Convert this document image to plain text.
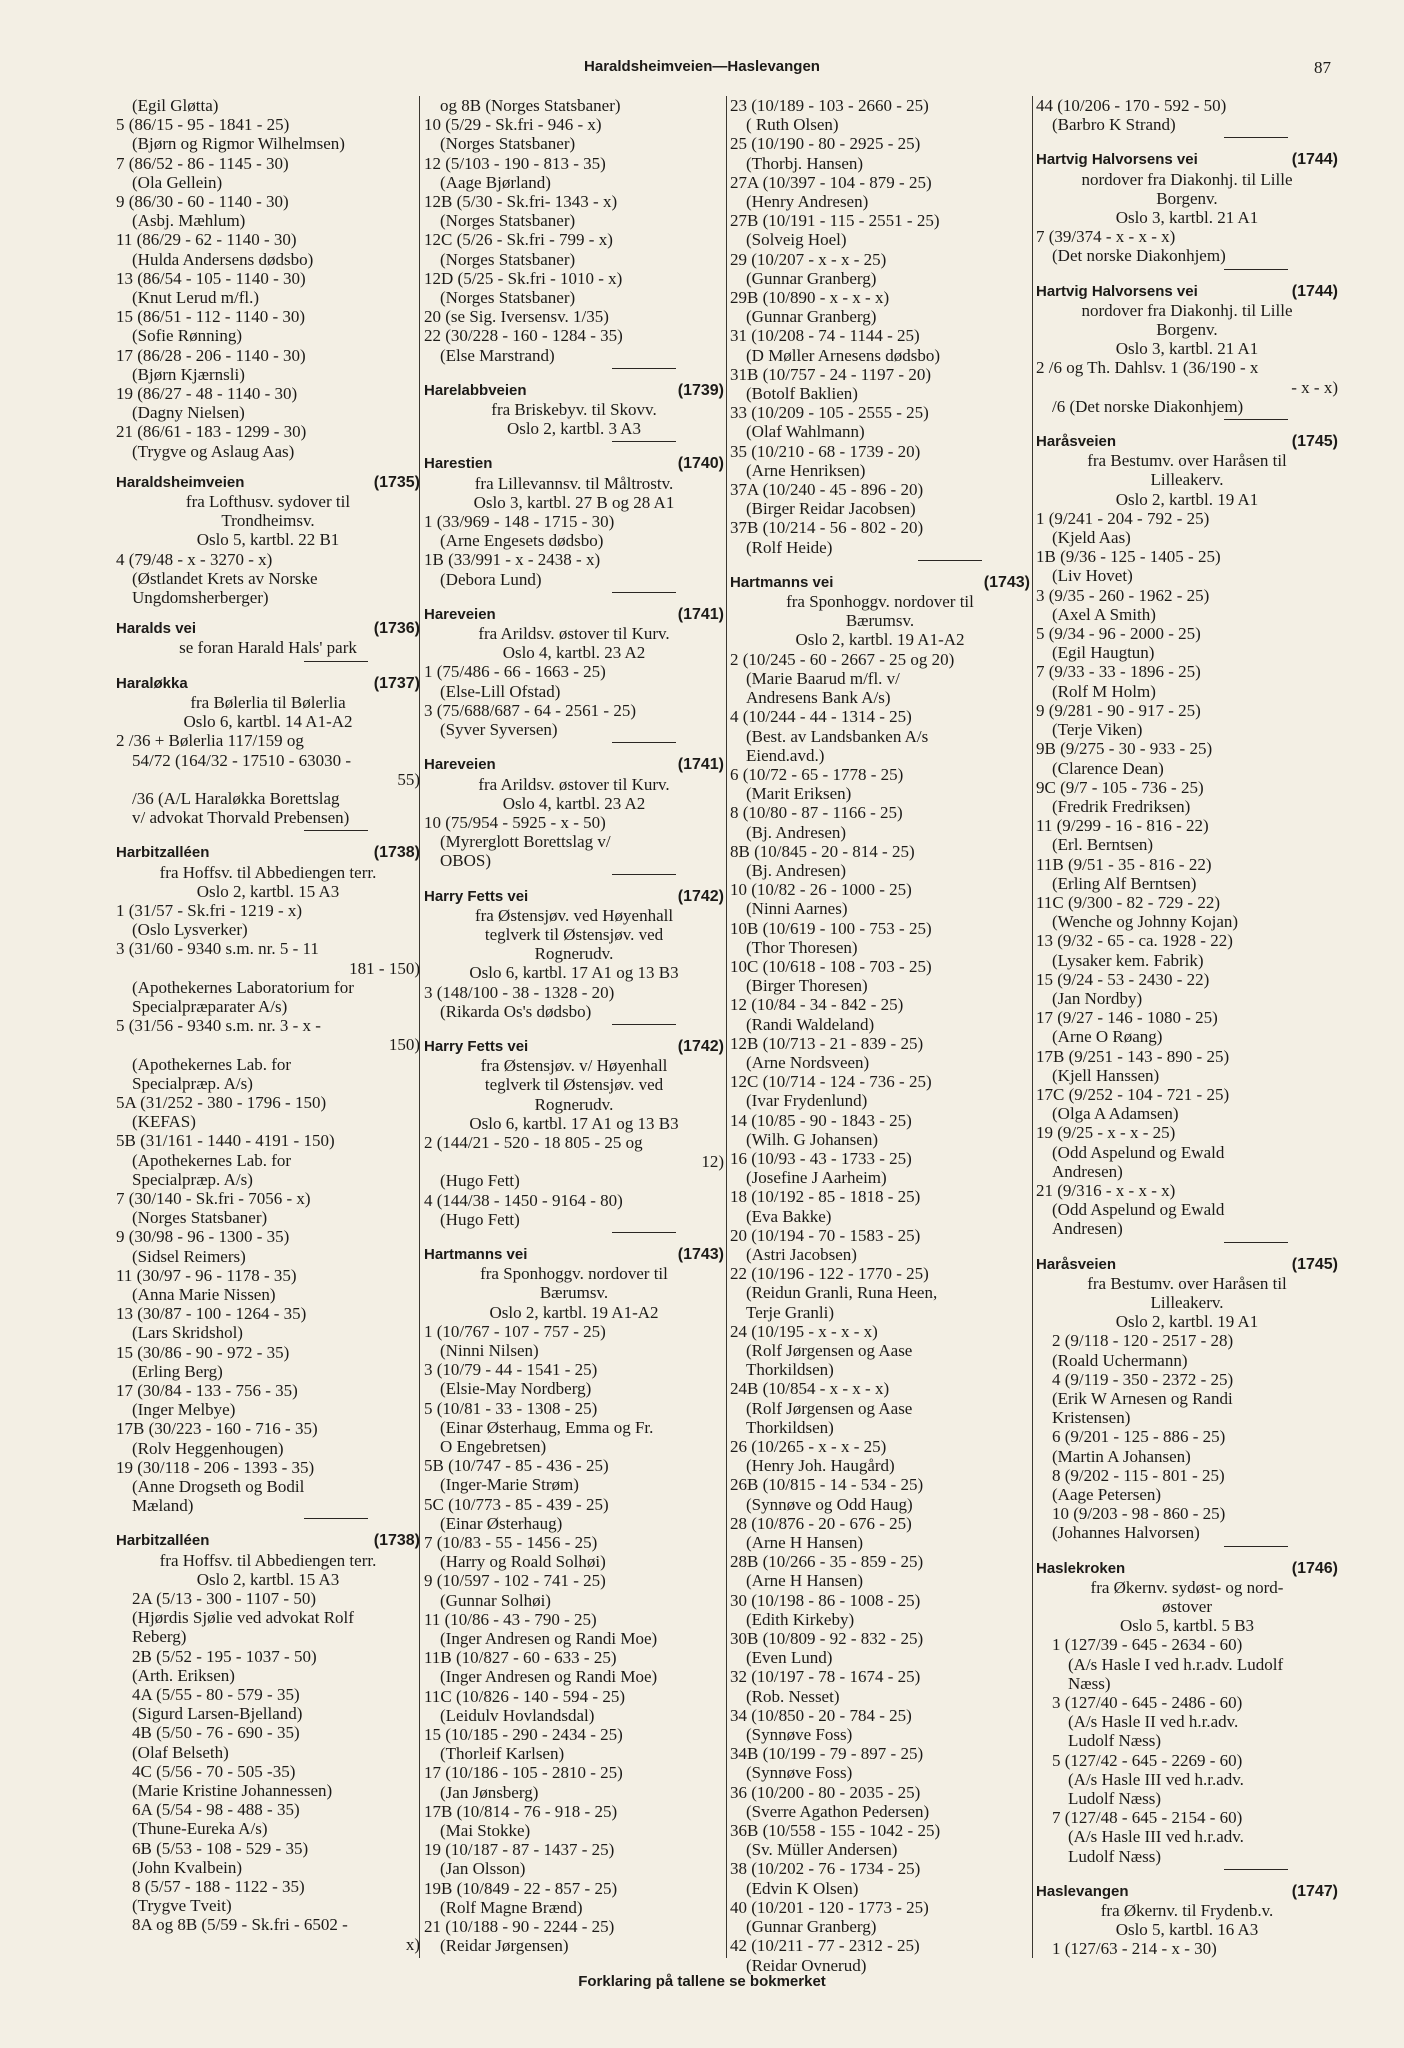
Haraldsheimveien—Haslevangen	87
(Egil Gløtta)
5 (86/15 - 95 - 1841 - 25)
(Bjørn og Rigmor Wilhelmsen)
7 (86/52 - 86 - 1145 - 30)
(Ola Gellein)
9 (86/30 - 60 - 1140 - 30)
(Asbj. Mæhlum)
11 (86/29 - 62 - 1140 - 30)
(Hulda Andersens dødsbo)
13 (86/54 - 105 - 1140 - 30)
(Knut Lerud m/fl.)
15 (86/51 - 112 - 1140 - 30)
(Sofie Rønning)
17 (86/28 - 206 - 1140 - 30)
(Bjørn Kjærnsli)
19 (86/27 - 48 - 1140 - 30)
(Dagny Nielsen)
21 (86/61 - 183 - 1299 - 30)
(Trygve og Aslaug Aas)
Haraldsheimveien	(1735)
fra Lofthusv. sydover til
Trondheimsv.
Oslo 5, kartbl. 22 B1
4 (79/48 - x - 3270 - x)
(Østlandet Krets av Norske
Ungdomsherberger)
Haralds vei	(1736)
se foran Harald Hals' park
Haraløkka	(1737)
fra Bølerlia til Bølerlia
Oslo 6, kartbl. 14 A1-A2
2 /36 + Bølerlia 117/159 og
54/72 (164/32 - 17510 - 63030 -
55)
/36 (A/L Haraløkka Borettslag
v/ advokat Thorvald Prebensen)
Harbitzalléen	(1738)
fra Hoffsv. til Abbediengen terr.
Oslo 2, kartbl. 15 A3
1 (31/57 - Sk.fri - 1219 - x)
(Oslo Lysverker)
3 (31/60 - 9340 s.m. nr. 5 - 11
181 - 150)
(Apothekernes Laboratorium for
Specialpræparater A/s)
5 (31/56 - 9340 s.m. nr. 3 - x -
150)
(Apothekernes Lab. for
Specialpræp. A/s)
5A (31/252 - 380 - 1796 - 150)
(KEFAS)
5B (31/161 - 1440 - 4191 - 150)
(Apothekernes Lab. for
Specialpræp. A/s)
7 (30/140 - Sk.fri - 7056 - x)
(Norges Statsbaner)
9 (30/98 - 96 - 1300 - 35)
(Sidsel Reimers)
11 (30/97 - 96 - 1178 - 35)
(Anna Marie Nissen)
13 (30/87 - 100 - 1264 - 35)
(Lars Skridshol)
15 (30/86 - 90 - 972 - 35)
(Erling Berg)
17 (30/84 - 133 - 756 - 35)
(Inger Melbye)
17B (30/223 - 160 - 716 - 35)
(Rolv Heggenhougen)
19 (30/118 - 206 - 1393 - 35)
(Anne Drogseth og Bodil
Mæland)
Harbitzalléen	(1738)
fra Hoffsv. til Abbediengen terr.
Oslo 2, kartbl. 15 A3
2A (5/13 - 300 - 1107 - 50)
(Hjørdis Sjølie ved advokat Rolf
Reberg)
2B (5/52 - 195 - 1037 - 50)
(Arth. Eriksen)
4A (5/55 - 80 - 579 - 35)
(Sigurd Larsen-Bjelland)
4B (5/50 - 76 - 690 - 35)
(Olaf Belseth)
4C (5/56 - 70 - 505 -35)
(Marie Kristine Johannessen)
6A (5/54 - 98 - 488 - 35)
(Thune-Eureka A/s)
6B (5/53 - 108 - 529 - 35)
(John Kvalbein)
8 (5/57 - 188 - 1122 - 35)
(Trygve Tveit)
8A og 8B (5/59 - Sk.fri - 6502 -
x)
og 8B (Norges Statsbaner)
10 (5/29 - Sk.fri - 946 - x)
(Norges Statsbaner)
12 (5/103 - 190 - 813 - 35)
(Aage Bjørland)
12B (5/30 - Sk.fri- 1343 - x)
(Norges Statsbaner)
12C (5/26 - Sk.fri - 799 - x)
(Norges Statsbaner)
12D (5/25 - Sk.fri - 1010 - x)
(Norges Statsbaner)
20 (se Sig. Iversensv. 1/35)
22 (30/228 - 160 - 1284 - 35)
(Else Marstrand)
Harelabbveien	(1739)
fra Briskebyv. til Skovv.
Oslo 2, kartbl. 3 A3
Harestien	(1740)
fra Lillevannsv. til Måltrostv.
Oslo 3, kartbl. 27 B og 28 A1
1 (33/969 - 148 - 1715 - 30)
(Arne Engesets dødsbo)
1B (33/991 - x - 2438 - x)
(Debora Lund)
Hareveien	(1741)
fra Arildsv. østover til Kurv.
Oslo 4, kartbl. 23 A2
1 (75/486 - 66 - 1663 - 25)
(Else-Lill Ofstad)
3 (75/688/687 - 64 - 2561 - 25)
(Syver Syversen)
Hareveien	(1741)
fra Arildsv. østover til Kurv.
Oslo 4, kartbl. 23 A2
10 (75/954 - 5925 - x - 50)
(Myrerglott Borettslag v/
OBOS)
Harry Fetts vei	(1742)
fra Østensjøv. ved Høyenhall
teglverk til Østensjøv. ved
Rognerudv.
Oslo 6, kartbl. 17 A1 og 13 B3
3 (148/100 - 38 - 1328 - 20)
(Rikarda Os's dødsbo)
Harry Fetts vei	(1742)
fra Østensjøv. v/ Høyenhall
teglverk til Østensjøv. ved
Rognerudv.
Oslo 6, kartbl. 17 A1 og 13 B3
2 (144/21 - 520 - 18 805 - 25 og
12)
(Hugo Fett)
4 (144/38 - 1450 - 9164 - 80)
(Hugo Fett)
Hartmanns vei	(1743)
fra Sponhoggv. nordover til
Bærumsv.
Oslo 2, kartbl. 19 A1-A2
1 (10/767 - 107 - 757 - 25)
(Ninni Nilsen)
3 (10/79 - 44 - 1541 - 25)
(Elsie-May Nordberg)
5 (10/81 - 33 - 1308 - 25)
(Einar Østerhaug, Emma og Fr.
O Engebretsen)
5B (10/747 - 85 - 436 - 25)
(Inger-Marie Strøm)
5C (10/773 - 85 - 439 - 25)
(Einar Østerhaug)
7 (10/83 - 55 - 1456 - 25)
(Harry og Roald Solhøi)
9 (10/597 - 102 - 741 - 25)
(Gunnar Solhøi)
11 (10/86 - 43 - 790 - 25)
(Inger Andresen og Randi Moe)
11B (10/827 - 60 - 633 - 25)
(Inger Andresen og Randi Moe)
11C (10/826 - 140 - 594 - 25)
(Leidulv Hovlandsdal)
15 (10/185 - 290 - 2434 - 25)
(Thorleif Karlsen)
17 (10/186 - 105 - 2810 - 25)
(Jan Jønsberg)
17B (10/814 - 76 - 918 - 25)
(Mai Stokke)
19 (10/187 - 87 - 1437 - 25)
(Jan Olsson)
19B (10/849 - 22 - 857 - 25)
(Rolf Magne Brænd)
21 (10/188 - 90 - 2244 - 25)
(Reidar Jørgensen)
23 (10/189 - 103 - 2660 - 25)
( Ruth Olsen)
25 (10/190 - 80 - 2925 - 25)
(Thorbj. Hansen)
27A (10/397 - 104 - 879 - 25)
(Henry Andresen)
27B (10/191 - 115 - 2551 - 25)
(Solveig Hoel)
29 (10/207 - x - x - 25)
(Gunnar Granberg)
29B (10/890 - x - x - x)
(Gunnar Granberg)
31 (10/208 - 74 - 1144 - 25)
(D Møller Arnesens dødsbo)
31B (10/757 - 24 - 1197 - 20)
(Botolf Baklien)
33 (10/209 - 105 - 2555 - 25)
(Olaf Wahlmann)
35 (10/210 - 68 - 1739 - 20)
(Arne Henriksen)
37A (10/240 - 45 - 896 - 20)
(Birger Reidar Jacobsen)
37B (10/214 - 56 - 802 - 20)
(Rolf Heide)
Hartmanns vei	(1743)
fra Sponhoggv. nordover til
Bærumsv.
Oslo 2, kartbl. 19 A1-A2
2 (10/245 - 60 - 2667 - 25 og 20)
(Marie Baarud m/fl. v/
Andresens Bank A/s)
4 (10/244 - 44 - 1314 - 25)
(Best. av Landsbanken A/s
Eiend.avd.)
6 (10/72 - 65 - 1778 - 25)
(Marit Eriksen)
8 (10/80 - 87 - 1166 - 25)
(Bj. Andresen)
8B (10/845 - 20 - 814 - 25)
(Bj. Andresen)
10 (10/82 - 26 - 1000 - 25)
(Ninni Aarnes)
10B (10/619 - 100 - 753 - 25)
(Thor Thoresen)
10C (10/618 - 108 - 703 - 25)
(Birger Thoresen)
12 (10/84 - 34 - 842 - 25)
(Randi Waldeland)
12B (10/713 - 21 - 839 - 25)
(Arne Nordsveen)
12C (10/714 - 124 - 736 - 25)
(Ivar Frydenlund)
14 (10/85 - 90 - 1843 - 25)
(Wilh. G Johansen)
16 (10/93 - 43 - 1733 - 25)
(Josefine J Aarheim)
18 (10/192 - 85 - 1818 - 25)
(Eva Bakke)
20 (10/194 - 70 - 1583 - 25)
(Astri Jacobsen)
22 (10/196 - 122 - 1770 - 25)
(Reidun Granli, Runa Heen,
Terje Granli)
24 (10/195 - x - x - x)
(Rolf Jørgensen og Aase
Thorkildsen)
24B (10/854 - x - x - x)
(Rolf Jørgensen og Aase
Thorkildsen)
26 (10/265 - x - x - 25)
(Henry Joh. Haugård)
26B (10/815 - 14 - 534 - 25)
(Synnøve og Odd Haug)
28 (10/876 - 20 - 676 - 25)
(Arne H Hansen)
28B (10/266 - 35 - 859 - 25)
(Arne H Hansen)
30 (10/198 - 86 - 1008 - 25)
(Edith Kirkeby)
30B (10/809 - 92 - 832 - 25)
(Even Lund)
32 (10/197 - 78 - 1674 - 25)
(Rob. Nesset)
34 (10/850 - 20 - 784 - 25)
(Synnøve Foss)
34B (10/199 - 79 - 897 - 25)
(Synnøve Foss)
36 (10/200 - 80 - 2035 - 25)
(Sverre Agathon Pedersen)
36B (10/558 - 155 - 1042 - 25)
(Sv. Müller Andersen)
38 (10/202 - 76 - 1734 - 25)
(Edvin K Olsen)
40 (10/201 - 120 - 1773 - 25)
(Gunnar Granberg)
42 (10/211 - 77 - 2312 - 25)
(Reidar Ovnerud)
44 (10/206 - 170 - 592 - 50)
(Barbro K Strand)
Hartvig Halvorsens vei	(1744)
nordover fra Diakonhj. til Lille
Borgenv.
Oslo 3, kartbl. 21 A1
7 (39/374 - x - x - x)
(Det norske Diakonhjem)
Hartvig Halvorsens vei	(1744)
nordover fra Diakonhj. til Lille
Borgenv.
Oslo 3, kartbl. 21 A1
2 /6 og Th. Dahlsv. 1 (36/190 - x
- x - x)
/6 (Det norske Diakonhjem)
Haråsveien	(1745)
fra Bestumv. over Haråsen til
Lilleakerv.
Oslo 2, kartbl. 19 A1
1 (9/241 - 204 - 792 - 25)
(Kjeld Aas)
1B (9/36 - 125 - 1405 - 25)
(Liv Hovet)
3 (9/35 - 260 - 1962 - 25)
(Axel A Smith)
5 (9/34 - 96 - 2000 - 25)
(Egil Haugtun)
7 (9/33 - 33 - 1896 - 25)
(Rolf M Holm)
9 (9/281 - 90 - 917 - 25)
(Terje Viken)
9B (9/275 - 30 - 933 - 25)
(Clarence Dean)
9C (9/7 - 105 - 736 - 25)
(Fredrik Fredriksen)
11 (9/299 - 16 - 816 - 22)
(Erl. Berntsen)
11B (9/51 - 35 - 816 - 22)
(Erling Alf Berntsen)
11C (9/300 - 82 - 729 - 22)
(Wenche og Johnny Kojan)
13 (9/32 - 65 - ca. 1928 - 22)
(Lysaker kem. Fabrik)
15 (9/24 - 53 - 2430 - 22)
(Jan Nordby)
17 (9/27 - 146 - 1080 - 25)
(Arne O Røang)
17B (9/251 - 143 - 890 - 25)
(Kjell Hanssen)
17C (9/252 - 104 - 721 - 25)
(Olga A Adamsen)
19 (9/25 - x - x - 25)
(Odd Aspelund og Ewald
Andresen)
21 (9/316 - x - x - x)
(Odd Aspelund og Ewald
Andresen)
Haråsveien	(1745)
fra Bestumv. over Haråsen til
Lilleakerv.
Oslo 2, kartbl. 19 A1
2 (9/118 - 120 - 2517 - 28)
(Roald Uchermann)
4 (9/119 - 350 - 2372 - 25)
(Erik W Arnesen og Randi
Kristensen)
6 (9/201 - 125 - 886 - 25)
(Martin A Johansen)
8 (9/202 - 115 - 801 - 25)
(Aage Petersen)
10 (9/203 - 98 - 860 - 25)
(Johannes Halvorsen)
Haslekroken	(1746)
fra Økernv. sydøst- og nord-
østover
Oslo 5, kartbl. 5 B3
1 (127/39 - 645 - 2634 - 60)
(A/s Hasle I ved h.r.adv. Ludolf
Næss)
3 (127/40 - 645 - 2486 - 60)
(A/s Hasle II ved h.r.adv.
Ludolf Næss)
5 (127/42 - 645 - 2269 - 60)
(A/s Hasle III ved h.r.adv.
Ludolf Næss)
7 (127/48 - 645 - 2154 - 60)
(A/s Hasle III ved h.r.adv.
Ludolf Næss)
Haslevangen	(1747)
fra Økernv. til Frydenb.v.
Oslo 5, kartbl. 16 A3
1 (127/63 - 214 - x - 30)
Forklaring på tallene se bokmerket
